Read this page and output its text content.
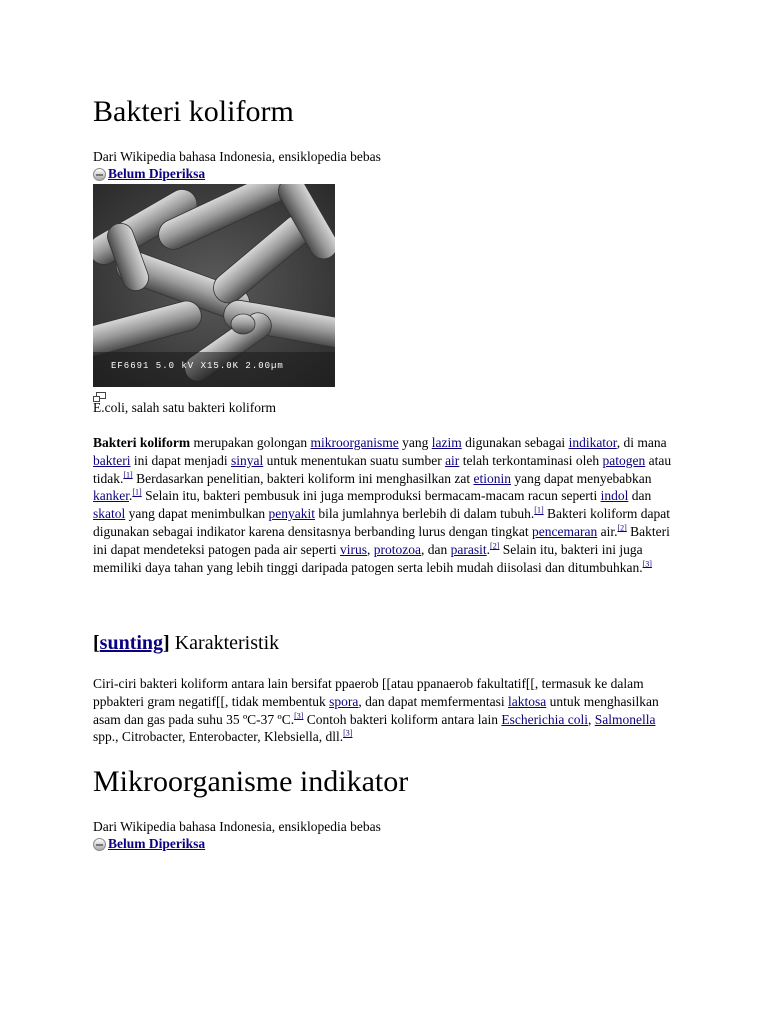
Bakteri koliform
Dari Wikipedia bahasa Indonesia, ensiklopedia bebas
Belum Diperiksa
EF6691 5.0 kV X15.0K 2.00µm
E.coli, salah satu bakteri koliform

Bakteri koliform merupakan golongan mikroorganisme yang lazim digunakan sebagai indikator, di mana bakteri ini dapat menjadi sinyal untuk menentukan suatu sumber air telah terkontaminasi oleh patogen atau tidak.[1] Berdasarkan penelitian, bakteri koliform ini menghasilkan zat etionin yang dapat menyebabkan kanker.[1] Selain itu, bakteri pembusuk ini juga memproduksi bermacam-macam racun seperti indol dan skatol yang dapat menimbulkan penyakit bila jumlahnya berlebih di dalam tubuh.[1] Bakteri koliform dapat digunakan sebagai indikator karena densitasnya berbanding lurus dengan tingkat pencemaran air.[2] Bakteri ini dapat mendeteksi patogen pada air seperti virus, protozoa, dan parasit.[2] Selain itu, bakteri ini juga memiliki daya tahan yang lebih tinggi daripada patogen serta lebih mudah diisolasi dan ditumbuhkan.[3]

[sunting] Karakteristik

Ciri-ciri bakteri koliform antara lain bersifat ppaerob [[atau ppanaerob fakultatif[[, termasuk ke dalam ppbakteri gram negatif[[, tidak membentuk spora, dan dapat memfermentasi laktosa untuk menghasilkan asam dan gas pada suhu 35 ºC-37 ºC.[3] Contoh bakteri koliform antara lain Escherichia coli, Salmonella spp., Citrobacter, Enterobacter, Klebsiella, dll.[3]

Mikroorganisme indikator
Dari Wikipedia bahasa Indonesia, ensiklopedia bebas
Belum Diperiksa
